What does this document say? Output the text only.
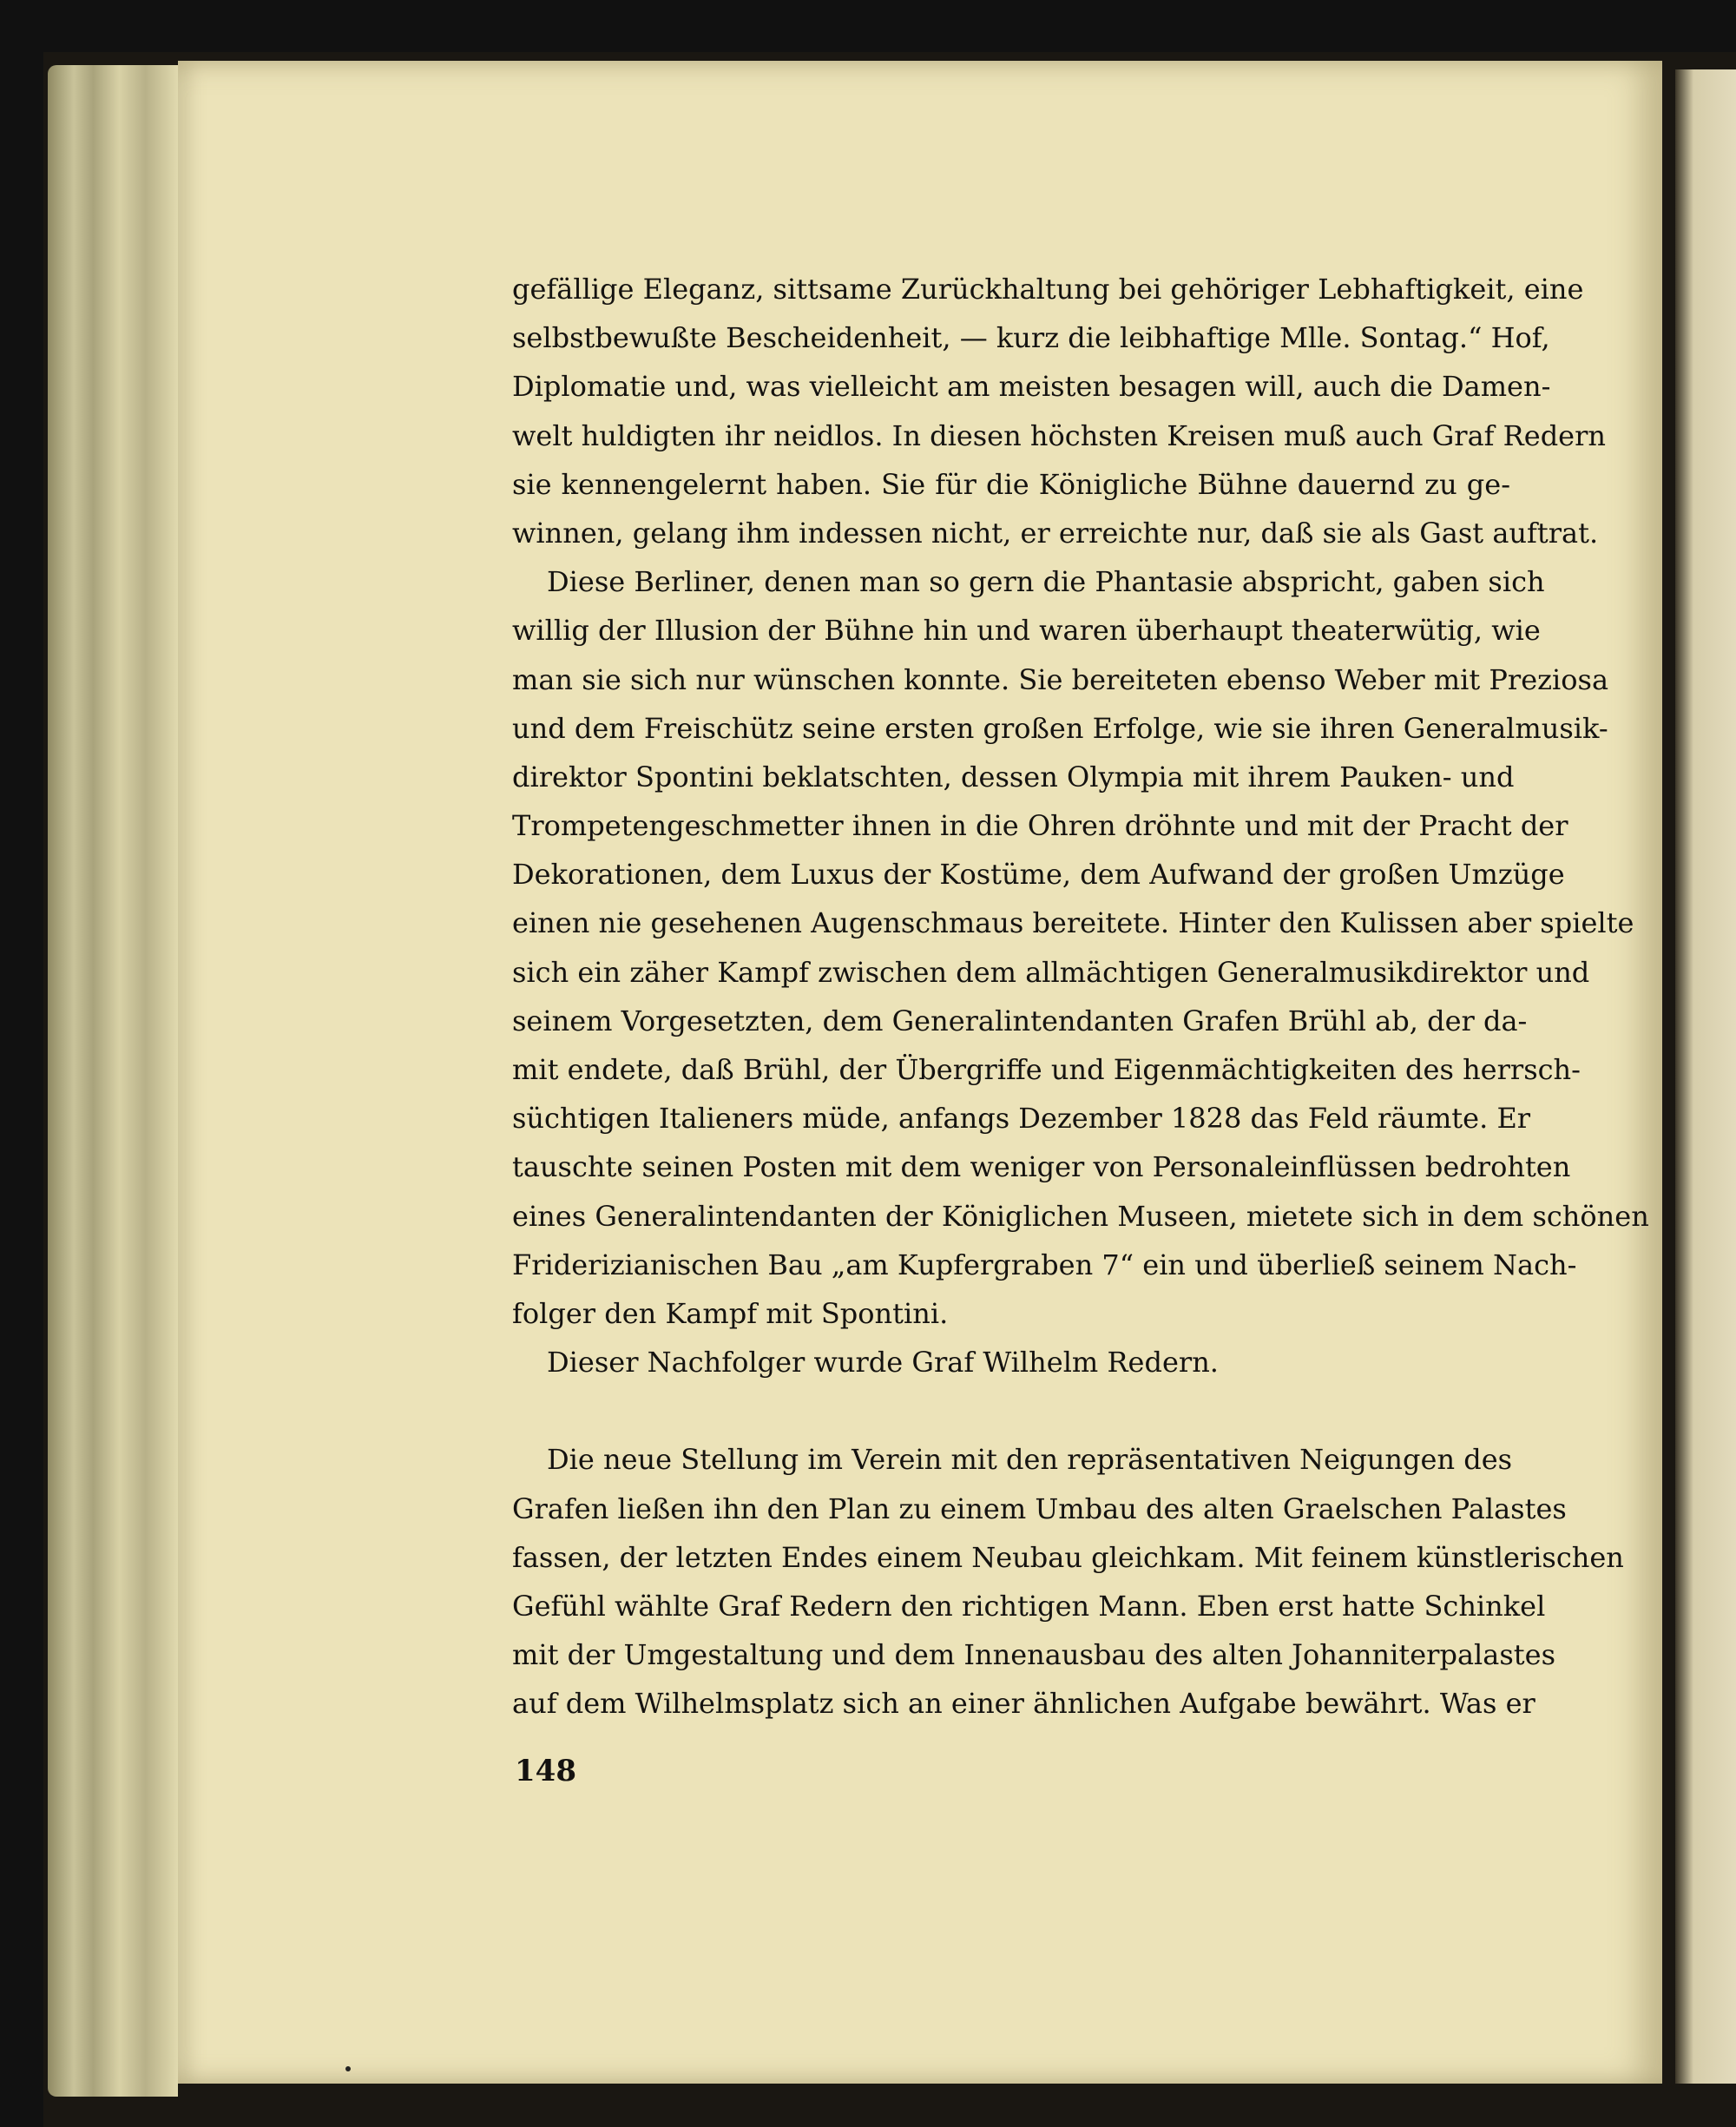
gefällige Eleganz, sittsame Zurückhaltung bei gehöriger Lebhaftigkeit, eine
selbstbewußte Bescheidenheit, — kurz die leibhaftige Mlle. Sontag.“ Hof,
Diplomatie und, was vielleicht am meisten besagen will, auch die Damen-
welt huldigten ihr neidlos. In diesen höchsten Kreisen muß auch Graf Redern
sie kennengelernt haben. Sie für die Königliche Bühne dauernd zu ge-
winnen, gelang ihm indessen nicht, er erreichte nur, daß sie als Gast auftrat.
Diese Berliner, denen man so gern die Phantasie abspricht, gaben sich
willig der Illusion der Bühne hin und waren überhaupt theaterwütig, wie
man sie sich nur wünschen konnte. Sie bereiteten ebenso Weber mit Preziosa
und dem Freischütz seine ersten großen Erfolge, wie sie ihren Generalmusik-
direktor Spontini beklatschten, dessen Olympia mit ihrem Pauken- und
Trompetengeschmetter ihnen in die Ohren dröhnte und mit der Pracht der
Dekorationen, dem Luxus der Kostüme, dem Aufwand der großen Umzüge
einen nie gesehenen Augenschmaus bereitete. Hinter den Kulissen aber spielte
sich ein zäher Kampf zwischen dem allmächtigen Generalmusikdirektor und
seinem Vorgesetzten, dem Generalintendanten Grafen Brühl ab, der da-
mit endete, daß Brühl, der Übergriffe und Eigenmächtigkeiten des herrsch-
süchtigen Italieners müde, anfangs Dezember 1828 das Feld räumte. Er
tauschte seinen Posten mit dem weniger von Personaleinflüssen bedrohten
eines Generalintendanten der Königlichen Museen, mietete sich in dem schönen
Friderizianischen Bau „am Kupfergraben 7“ ein und überließ seinem Nach-
folger den Kampf mit Spontini.
Dieser Nachfolger wurde Graf Wilhelm Redern.
Die neue Stellung im Verein mit den repräsentativen Neigungen des
Grafen ließen ihn den Plan zu einem Umbau des alten Graelschen Palastes
fassen, der letzten Endes einem Neubau gleichkam. Mit feinem künstlerischen
Gefühl wählte Graf Redern den richtigen Mann. Eben erst hatte Schinkel
mit der Umgestaltung und dem Innenausbau des alten Johanniterpalastes
auf dem Wilhelmsplatz sich an einer ähnlichen Aufgabe bewährt. Was er
148
